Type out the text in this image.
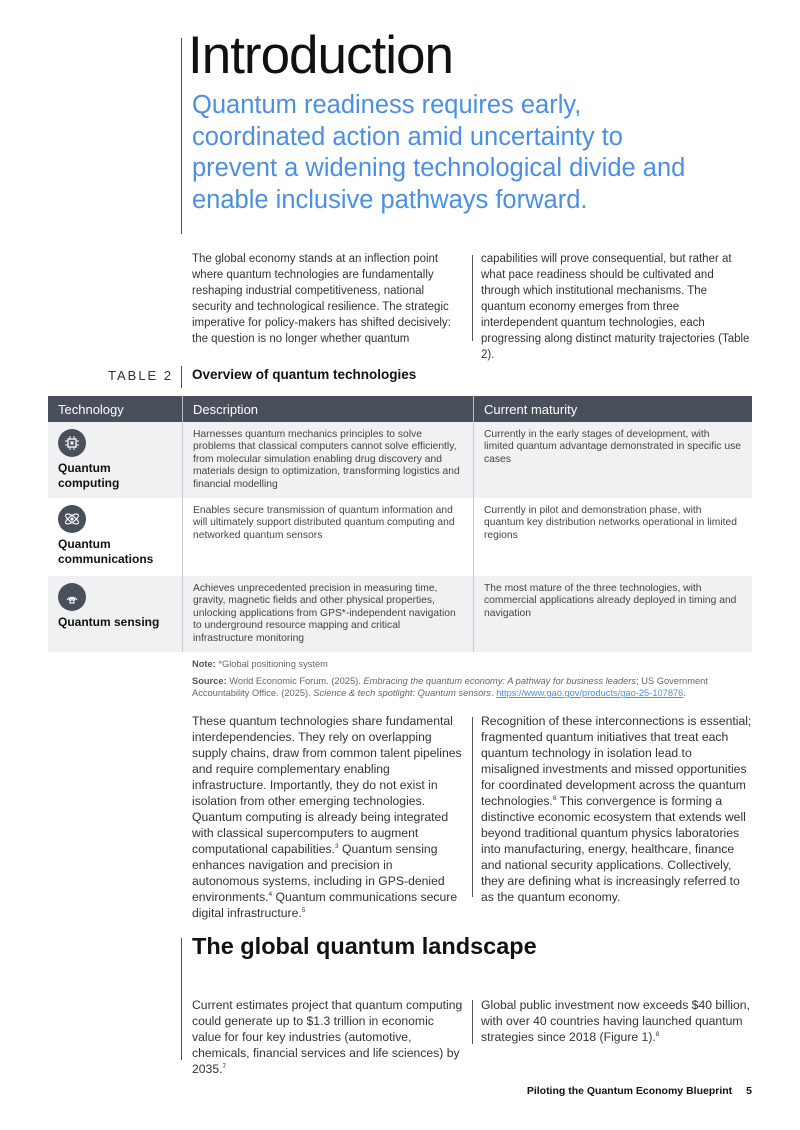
Introduction
Quantum readiness requires early, coordinated action amid uncertainty to prevent a widening technological divide and enable inclusive pathways forward.
The global economy stands at an inflection point where quantum technologies are fundamentally reshaping industrial competitiveness, national security and technological resilience. The strategic imperative for policy-makers has shifted decisively: the question is no longer whether quantum
capabilities will prove consequential, but rather at what pace readiness should be cultivated and through which institutional mechanisms. The quantum economy emerges from three interdependent quantum technologies, each progressing along distinct maturity trajectories (Table 2).
TABLE 2 Overview of quantum technologies
Technology	Description	Current maturity

Quantum computing	Harnesses quantum mechanics principles to solve problems that classical computers cannot solve efficiently, from molecular simulation enabling drug discovery and materials design to optimization, transforming logistics and financial modelling	Currently in the early stages of development, with limited quantum advantage demonstrated in specific use cases

Quantum communications	Enables secure transmission of quantum information and will ultimately support distributed quantum computing and networked quantum sensors	Currently in pilot and demonstration phase, with quantum key distribution networks operational in limited regions

Quantum sensing	Achieves unprecedented precision in measuring time, gravity, magnetic fields and other physical properties, unlocking applications from GPS*-independent navigation to underground resource mapping and critical infrastructure monitoring	The most mature of the three technologies, with commercial applications already deployed in timing and navigation
Note: *Global positioning system
Source: World Economic Forum. (2025). Embracing the quantum economy: A pathway for business leaders; US Government Accountability Office. (2025). Science & tech spotlight: Quantum sensors. https://www.gao.gov/products/gao-25-107876.
These quantum technologies share fundamental interdependencies. They rely on overlapping supply chains, draw from common talent pipelines and require complementary enabling infrastructure. Importantly, they do not exist in isolation from other emerging technologies. Quantum computing is already being integrated with classical supercomputers to augment computational capabilities.$^3$ Quantum sensing enhances navigation and precision in autonomous systems, including in GPS-denied environments.$^4$ Quantum communications secure digital infrastructure.$^5$
Recognition of these interconnections is essential; fragmented quantum initiatives that treat each quantum technology in isolation lead to misaligned investments and missed opportunities for coordinated development across the quantum technologies.$^6$ This convergence is forming a distinctive economic ecosystem that extends well beyond traditional quantum physics laboratories into manufacturing, energy, healthcare, finance and national security applications. Collectively, they are defining what is increasingly referred to as the quantum economy.
The global quantum landscape
Current estimates project that quantum computing could generate up to $1.3 trillion in economic value for four key industries (automotive, chemicals, financial services and life sciences) by 2035.$^7$
Global public investment now exceeds $40 billion, with over 40 countries having launched quantum strategies since 2018 (Figure 1).$^8$
Piloting the Quantum Economy Blueprint 5
